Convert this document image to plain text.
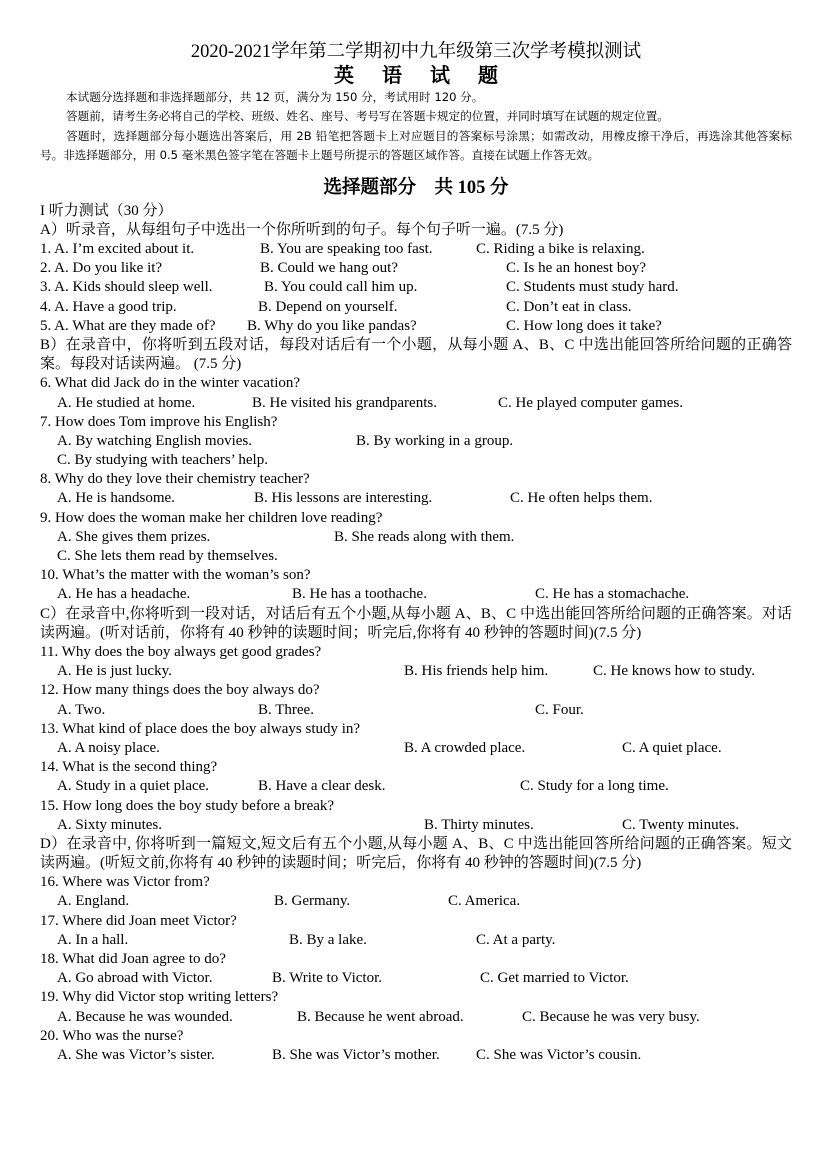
2020-2021学年第二学期初中九年级第三次学考模拟测试
英 语 试 题

本试题分选择题和非选择题部分，共 12 页，满分为 150 分，考试用时 120 分。

答题前，请考生务必将自己的学校、班级、姓名、座号、考号写在答题卡规定的位置，并同时填写在试题的规定位置。

答题时，选择题部分每小题选出答案后，用 2B 铅笔把答题卡上对应题目的答案标号涂黑；如需改动，用橡皮擦干净后，再选涂其他答案标号。非选择题部分，用 0.5 毫米黑色签字笔在答题卡上题号所提示的答题区域作答。直接在试题上作答无效。

选择题部分　共 105 分
I 听力测试（30 分）
A）听录音，从每组句子中选出一个你所听到的句子。每个句子听一遍。(7.5 分)
1. A. I’m excited about it.	B. You are speaking too fast.	C. Riding a bike is relaxing.
2. A. Do you like it?	B. Could we hang out?	C. Is he an honest boy?
3. A. Kids should sleep well.	B. You could call him up.	C. Students must study hard.
4. A. Have a good trip.	B. Depend on yourself.	C. Don’t eat in class.
5. A. What are they made of? B. Why do you like pandas?	C. How long does it take?
B）在录音中，你将听到五段对话，每段对话后有一个小题，从每小题 A、B、C 中选出能回答所给问题的正确答案。每段对话读两遍。 (7.5 分)
6. What did Jack do in the winter vacation?
A. He studied at home.	B. He visited his grandparents.	C. He played computer games.
7. How does Tom improve his English?
A. By watching English movies.	B. By working in a group.
C. By studying with teachers’ help.
8. Why do they love their chemistry teacher?
A. He is handsome.	B. His lessons are interesting.	C. He often helps them.
9. How does the woman make her children love reading?
A. She gives them prizes.	B. She reads along with them.
C. She lets them read by themselves.
10. What’s the matter with the woman’s son?
A. He has a headache.	B. He has a toothache.	C. He has a stomachache.
C）在录音中,你将听到一段对话，对话后有五个小题,从每小题 A、B、C 中选出能回答所给问题的正确答案。对话读两遍。(听对话前，你将有 40 秒钟的读题时间；听完后,你将有 40 秒钟的答题时间)(7.5 分)
11. Why does the boy always get good grades?
A. He is just lucky.	B. His friends help him.	C. He knows how to study.
12. How many things does the boy always do?
A. Two.	B. Three.	C. Four.
13. What kind of place does the boy always study in?
A. A noisy place.	B. A crowded place.	C. A quiet place.
14. What is the second thing?
A. Study in a quiet place.	B. Have a clear desk.	C. Study for a long time.
15. How long does the boy study before a break?
A. Sixty minutes.	B. Thirty minutes.	C. Twenty minutes.
D）在录音中, 你将听到一篇短文,短文后有五个小题,从每小题 A、B、C 中选出能回答所给问题的正确答案。短文读两遍。(听短文前,你将有 40 秒钟的读题时间；听完后，你将有 40 秒钟的答题时间)(7.5 分)
16. Where was Victor from?
A. England.	B. Germany.	C. America.
17. Where did Joan meet Victor?
A. In a hall.	B. By a lake.	C. At a party.
18. What did Joan agree to do?
A. Go abroad with Victor.	B. Write to Victor.	C. Get married to Victor.
19. Why did Victor stop writing letters?
A. Because he was wounded.	B. Because he went abroad.	C. Because he was very busy.
20. Who was the nurse?
A. She was Victor’s sister.	B. She was Victor’s mother. C. She was Victor’s cousin.
